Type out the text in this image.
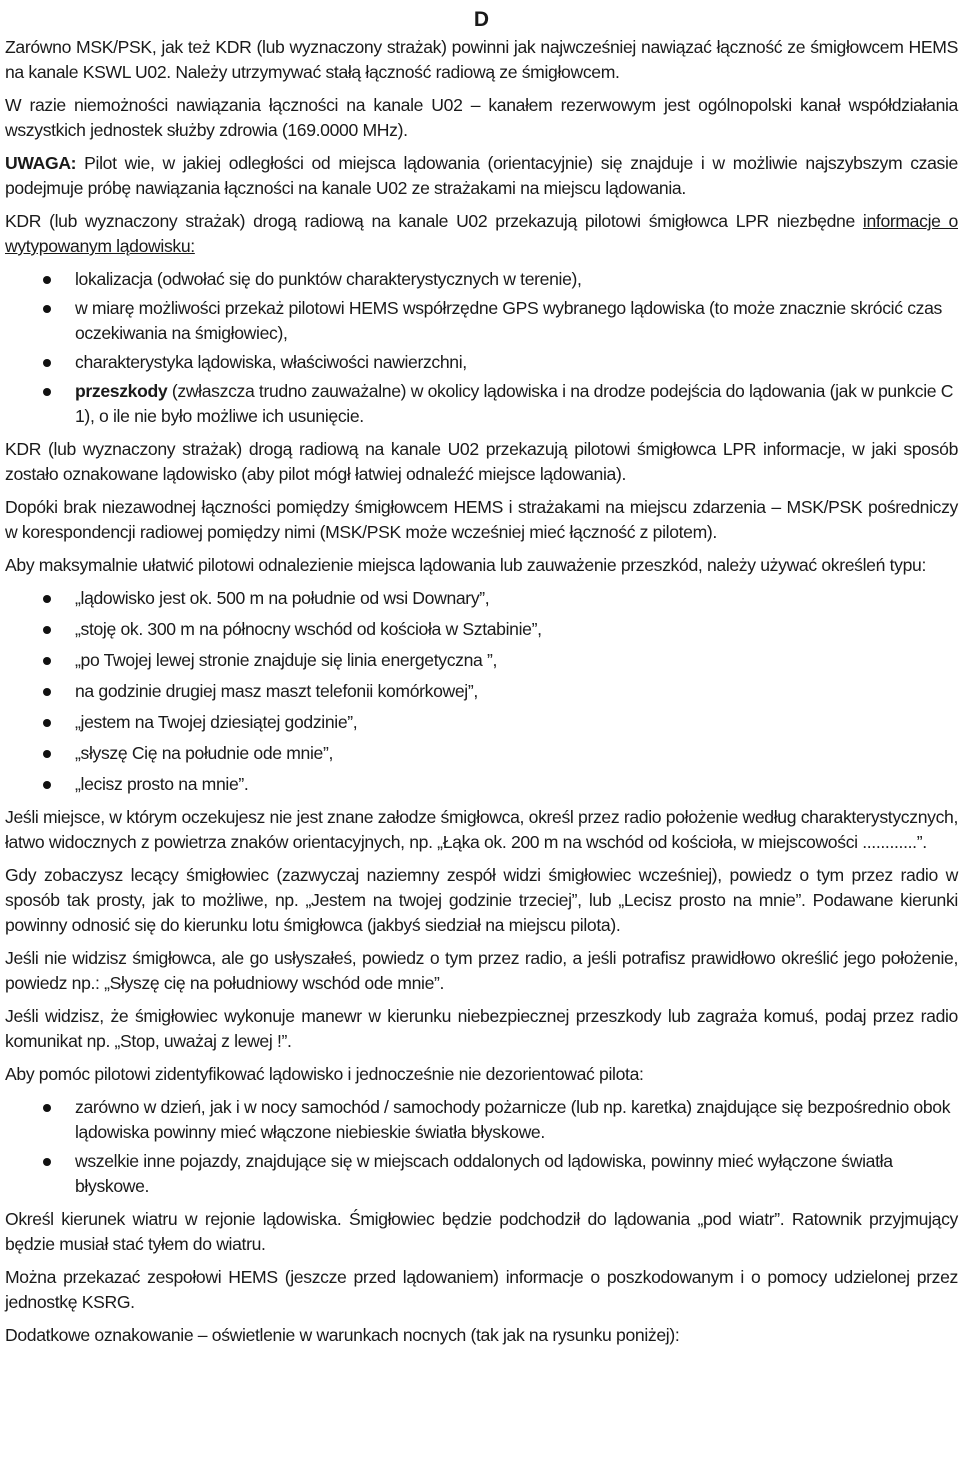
D

Zarówno MSK/PSK, jak też KDR (lub wyznaczony strażak) powinni jak najwcześniej nawiązać łączność ze śmigłowcem HEMS na kanale KSWL U02. Należy utrzymywać stałą łączność radiową ze śmigłowcem.

W razie niemożności nawiązania łączności na kanale U02 – kanałem rezerwowym jest ogólnopolski kanał współdziałania wszystkich jednostek służby zdrowia (169.0000 MHz).

UWAGA: Pilot wie, w jakiej odległości od miejsca lądowania (orientacyjnie) się znajduje i w możliwie najszybszym czasie podejmuje próbę nawiązania łączności na kanale U02 ze strażakami na miejscu lądowania.

KDR (lub wyznaczony strażak) drogą radiową na kanale U02 przekazują pilotowi śmigłowca LPR niezbędne informacje o wytypowanym lądowisku:

lokalizacja (odwołać się do punktów charakterystycznych w terenie),
w miarę możliwości przekaż pilotowi HEMS współrzędne GPS wybranego lądowiska (to może znacznie skrócić czas oczekiwania na śmigłowiec),
charakterystyka lądowiska, właściwości nawierzchni,
przeszkody (zwłaszcza trudno zauważalne) w okolicy lądowiska i na drodze podejścia do lądowania (jak w punkcie C 1), o ile nie było możliwe ich usunięcie.

KDR (lub wyznaczony strażak) drogą radiową na kanale U02 przekazują pilotowi śmigłowca LPR informacje, w jaki sposób zostało oznakowane lądowisko (aby pilot mógł łatwiej odnaleźć miejsce lądowania).

Dopóki brak niezawodnej łączności pomiędzy śmigłowcem HEMS i strażakami na miejscu zdarzenia – MSK/PSK pośredniczy w korespondencji radiowej pomiędzy nimi (MSK/PSK może wcześniej mieć łączność z pilotem).

Aby maksymalnie ułatwić pilotowi odnalezienie miejsca lądowania lub zauważenie przeszkód, należy używać określeń typu:

„lądowisko jest ok. 500 m na południe od wsi Downary”,
„stoję ok. 300 m na północny wschód od kościoła w Sztabinie”,
„po Twojej lewej stronie znajduje się linia energetyczna ”,
na godzinie drugiej masz maszt telefonii komórkowej”,
„jestem na Twojej dziesiątej godzinie”,
„słyszę Cię na południe ode mnie”,
„lecisz prosto na mnie”.

Jeśli miejsce, w którym oczekujesz nie jest znane załodze śmigłowca, określ przez radio położenie według charakterystycznych, łatwo widocznych z powietrza znaków orientacyjnych, np. „Łąka ok. 200 m na wschód od kościoła, w miejscowości ............”.

Gdy zobaczysz lecący śmigłowiec (zazwyczaj naziemny zespół widzi śmigłowiec wcześniej), powiedz o tym przez radio w sposób tak prosty, jak to możliwe, np. „Jestem na twojej godzinie trzeciej”, lub „Lecisz prosto na mnie”. Podawane kierunki powinny odnosić się do kierunku lotu śmigłowca (jakbyś siedział na miejscu pilota).

Jeśli nie widzisz śmigłowca, ale go usłyszałeś, powiedz o tym przez radio, a jeśli potrafisz prawidłowo określić jego położenie, powiedz np.: „Słyszę cię na południowy wschód ode mnie”.

Jeśli widzisz, że śmigłowiec wykonuje manewr w kierunku niebezpiecznej przeszkody lub zagraża komuś, podaj przez radio komunikat np. „Stop, uważaj z lewej !”.

Aby pomóc pilotowi zidentyfikować lądowisko i jednocześnie nie dezorientować pilota:

zarówno w dzień, jak i w nocy samochód / samochody pożarnicze (lub np. karetka) znajdujące się bezpośrednio obok lądowiska powinny mieć włączone niebieskie światła błyskowe.
wszelkie inne pojazdy, znajdujące się w miejscach oddalonych od lądowiska, powinny mieć wyłączone światła błyskowe.

Określ kierunek wiatru w rejonie lądowiska. Śmigłowiec będzie podchodził do lądowania „pod wiatr”. Ratownik przyjmujący będzie musiał stać tyłem do wiatru.

Można przekazać zespołowi HEMS (jeszcze przed lądowaniem) informacje o poszkodowanym i o pomocy udzielonej przez jednostkę KSRG.

Dodatkowe oznakowanie – oświetlenie w warunkach nocnych (tak jak na rysunku poniżej):
